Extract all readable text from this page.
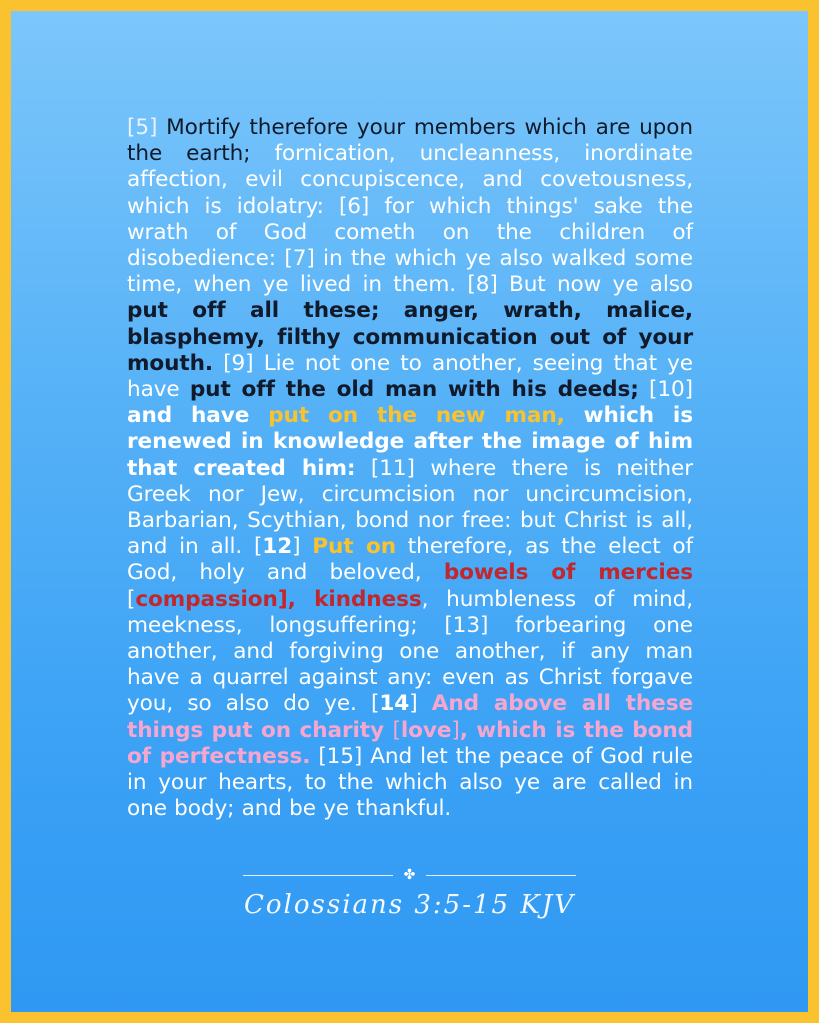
[5] Mortify therefore your members which are upon the earth; fornication, uncleanness, inordinate affection, evil concupiscence, and covetousness, which is idolatry: [6] for which things' sake the wrath of God cometh on the children of disobedience: [7] in the which ye also walked some time, when ye lived in them. [8] But now ye also put off all these; anger, wrath, malice, blasphemy, filthy communication out of your mouth. [9] Lie not one to another, seeing that ye have put off the old man with his deeds; [10] and have put on the new man, which is renewed in knowledge after the image of him that created him: [11] where there is neither Greek nor Jew, circumcision nor uncircumcision, Barbarian, Scythian, bond nor free: but Christ is all, and in all. [12] Put on therefore, as the elect of God, holy and beloved, bowels of mercies [compassion], kindness, humbleness of mind, meekness, longsuffering; [13] forbearing one another, and forgiving one another, if any man have a quarrel against any: even as Christ forgave you, so also do ye. [14] And above all these things put on charity [love], which is the bond of perfectness. [15] And let the peace of God rule in your hearts, to the which also ye are called in one body; and be ye thankful.
✤
Colossians 3:5-15 KJV
